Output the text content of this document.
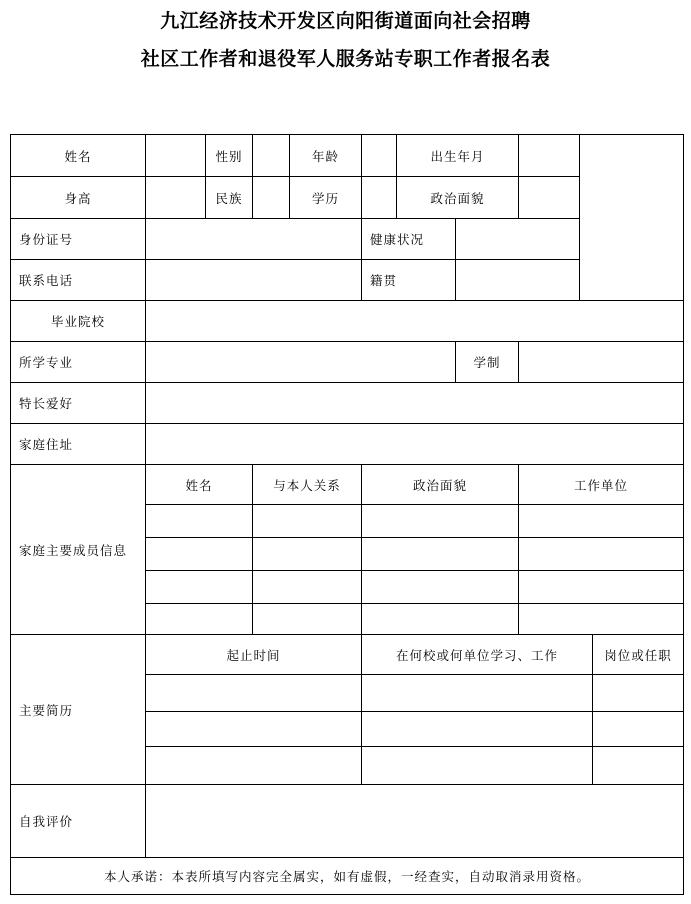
九江经济技术开发区向阳街道面向社会招聘
社区工作者和退役军人服务站专职工作者报名表
姓名	性别	年龄	出生年月
身高	民族	学历	政治面貌
身份证号	健康状况
联系电话	籍贯
毕业院校
所学专业	学制
特长爱好
家庭住址
家庭主要成员信息
姓名	与本人关系	政治面貌	工作单位
主要简历
起止时间	在何校或何单位学习、工作	岗位或任职
自我评价
本人承诺：本表所填写内容完全属实，如有虚假，一经查实，自动取消录用资格。
